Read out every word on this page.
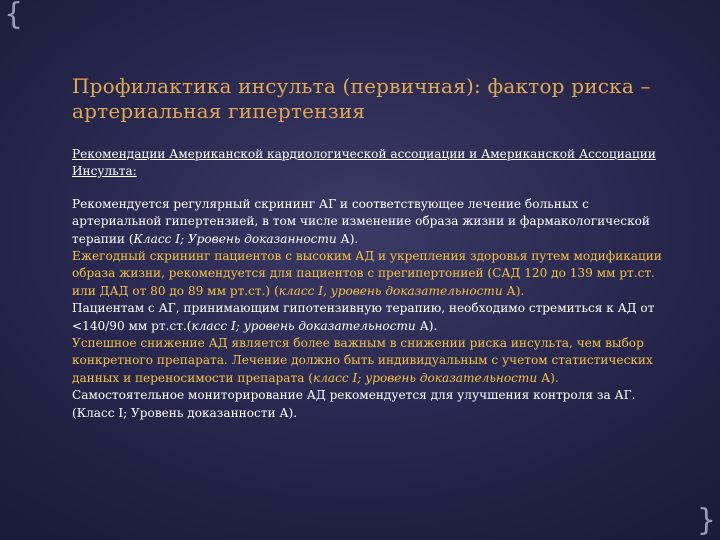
{
}
Профилактика инсульта (первичная): фактор риска – артериальная гипертензия
Рекомендации Американской кардиологической ассоциации и Американской Ассоциации Инсульта:

Рекомендуется регулярный скрининг АГ и соответствующее лечение больных с артериальной гипертензией, в том числе изменение образа жизни и фармакологической терапии (Класс I; Уровень доказанности А).

Ежегодный скрининг пациентов с высоким АД и укрепления здоровья путем модификации образа жизни, рекомендуется для пациентов с прегипертонией (САД 120 до 139 мм рт.ст. или ДАД от 80 до 89 мм рт.ст.) (класс I, уровень доказательности А).

Пациентам с АГ, принимающим гипотензивную терапию, необходимо стремиться к АД от <140/90 мм рт.ст.(класс I; уровень доказательности А).

Успешное снижение АД является более важным в снижении риска инсульта, чем выбор конкретного препарата. Лечение должно быть индивидуальным с учетом статистических данных и переносимости препарата (класс I; уровень доказательности А).

Самостоятельное мониторирование АД рекомендуется для улучшения контроля за АГ. (Класс I; Уровень доказанности А).
